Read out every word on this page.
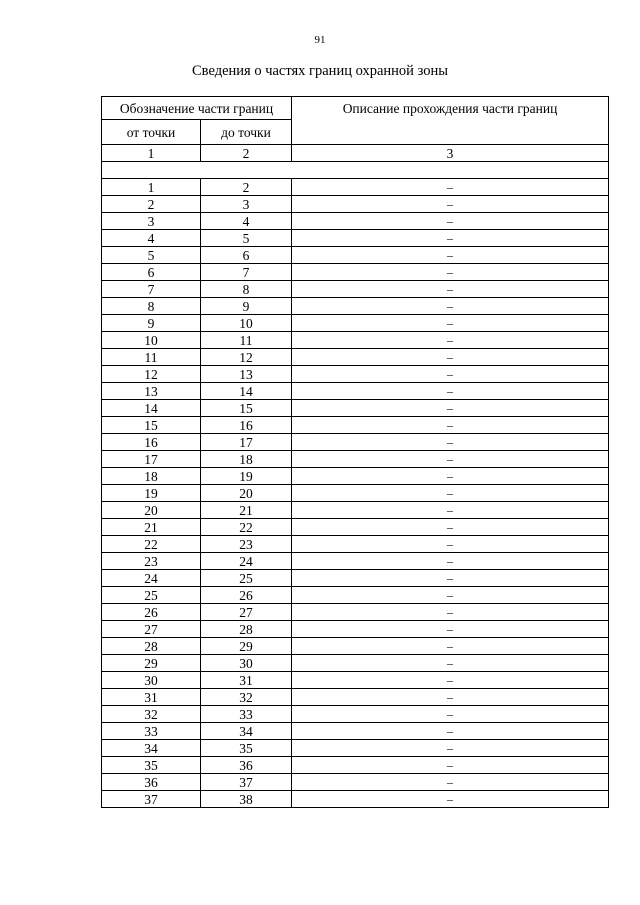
91
Сведения о частях границ охранной зоны
Обозначение части границ		Описание прохождения части границ
от точки	до точки	
1	2	3

1	2	–
2	3	–
3	4	–
4	5	–
5	6	–
6	7	–
7	8	–
8	9	–
9	10	–
10	11	–
11	12	–
12	13	–
13	14	–
14	15	–
15	16	–
16	17	–
17	18	–
18	19	–
19	20	–
20	21	–
21	22	–
22	23	–
23	24	–
24	25	–
25	26	–
26	27	–
27	28	–
28	29	–
29	30	–
30	31	–
31	32	–
32	33	–
33	34	–
34	35	–
35	36	–
36	37	–
37	38	–
